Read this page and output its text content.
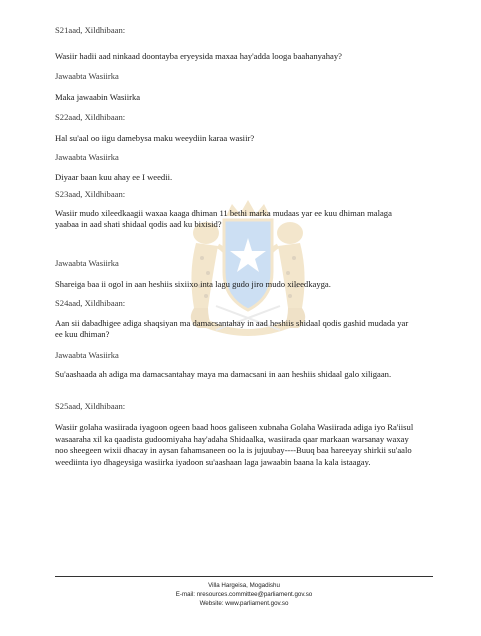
S21aad, Xildhibaan:
Wasiir hadii aad ninkaad doontayba eryeysida maxaa hay'adda looga baahanyahay?
Jawaabta Wasiirka
Maka jawaabin Wasiirka
S22aad, Xildhibaan:
Hal su'aal oo iigu damebysa maku weeydiin karaa wasiir?
Jawaabta Wasiirka
Diyaar baan kuu ahay ee I weedii.
S23aad, Xildhibaan:
Wasiir mudo xileedkaagii waxaa kaaga dhiman 11 bethi marka mudaas yar ee kuu dhiman malaga yaabaa in aad shati shidaal qodis aad ku bixisid?
Jawaabta Wasiirka
Shareiga baa ii ogol in aan heshiis sixiixo inta lagu gudo jiro mudo xileedkayga.
S24aad, Xildhibaan:
Aan sii dabadhigee adiga shaqsiyan ma damacsantahay in aad heshiis shidaal qodis gashid mudada yar ee kuu dhiman?
Jawaabta Wasiirka
Su'aashaada ah adiga ma damacsantahay maya ma damacsani in aan heshiis shidaal galo xiligaan.
S25aad, Xildhibaan:
Wasiir golaha wasiirada iyagoon ogeen baad hoos galiseen xubnaha Golaha Wasiirada adiga iyo Ra'iisul wasaaraha xil ka qaadista gudoomiyaha hay'adaha Shidaalka, wasiirada qaar markaan warsanay waxay noo sheegeen wixii dhacay in aysan fahamsaneen oo la is jujuubay----Buuq baa hareeyay shirkii su'aalo weediinta iyo dhageysiga wasiirka iyadoon su'aashaan laga jawaabin baana la kala istaagay.
Villa Hargeisa, Mogadishu
E-mail: nresources.committee@parliament.gov.so
Website: www.parliament.gov.so
